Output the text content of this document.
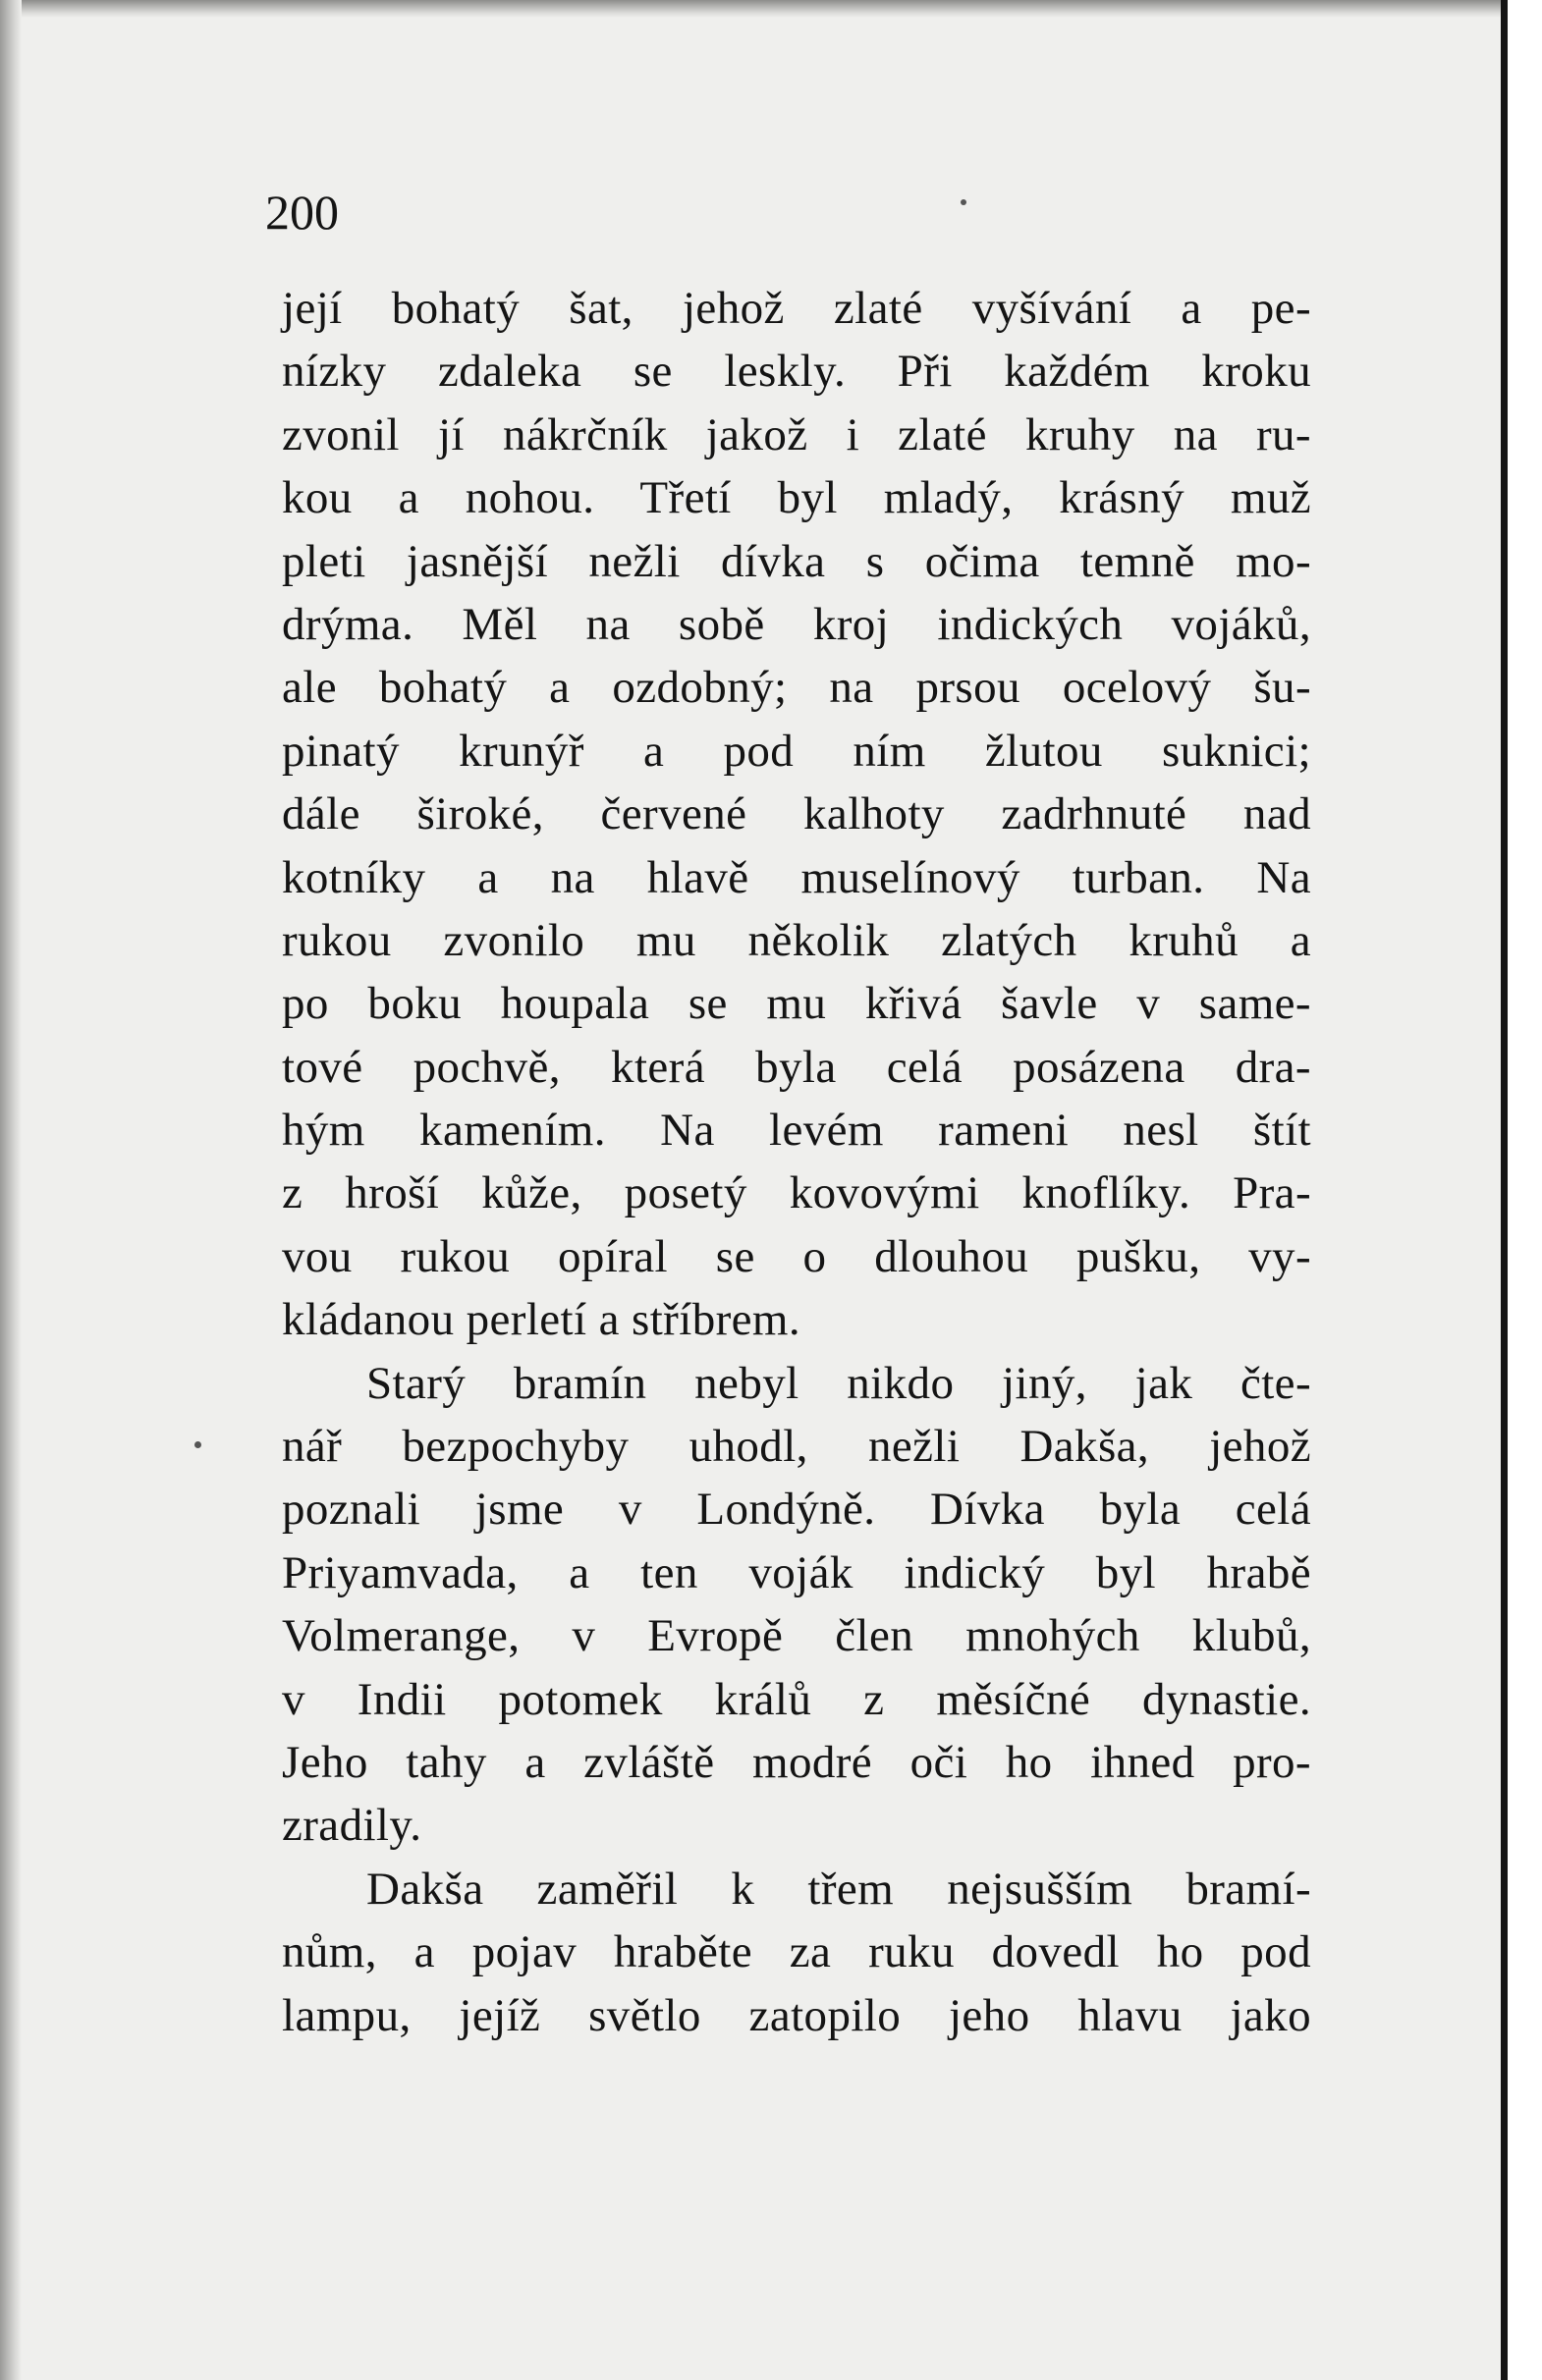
200

její bohatý šat, jehož zlaté vyšívání a pe-
nízky zdaleka se leskly. Při každém kroku
zvonil jí nákrčník jakož i zlaté kruhy na ru-
kou a nohou. Třetí byl mladý, krásný muž
pleti jasnější nežli dívka s očima temně mo-
drýma. Měl na sobě kroj indických vojáků,
ale bohatý a ozdobný; na prsou ocelový šu-
pinatý krunýř a pod ním žlutou suknici;
dále široké, červené kalhoty zadrhnuté nad
kotníky a na hlavě muselínový turban. Na
rukou zvonilo mu několik zlatých kruhů a
po boku houpala se mu křivá šavle v same-
tové pochvě, která byla celá posázena dra-
hým kamením. Na levém rameni nesl štít
z hroší kůže, posetý kovovými knoflíky. Pra-
vou rukou opíral se o dlouhou pušku, vy-
kládanou perletí a stříbrem.
Starý bramín nebyl nikdo jiný, jak čte-
nář bezpochyby uhodl, nežli Dakša, jehož
poznali jsme v Londýně. Dívka byla celá
Priyamvada, a ten voják indický byl hrabě
Volmerange, v Evropě člen mnohých klubů,
v Indii potomek králů z měsíčné dynastie.
Jeho tahy a zvláště modré oči ho ihned pro-
zradily.
Dakša zaměřil k třem nejsušším bramí-
nům, a pojav hraběte za ruku dovedl ho pod
lampu, jejíž světlo zatopilo jeho hlavu jako
